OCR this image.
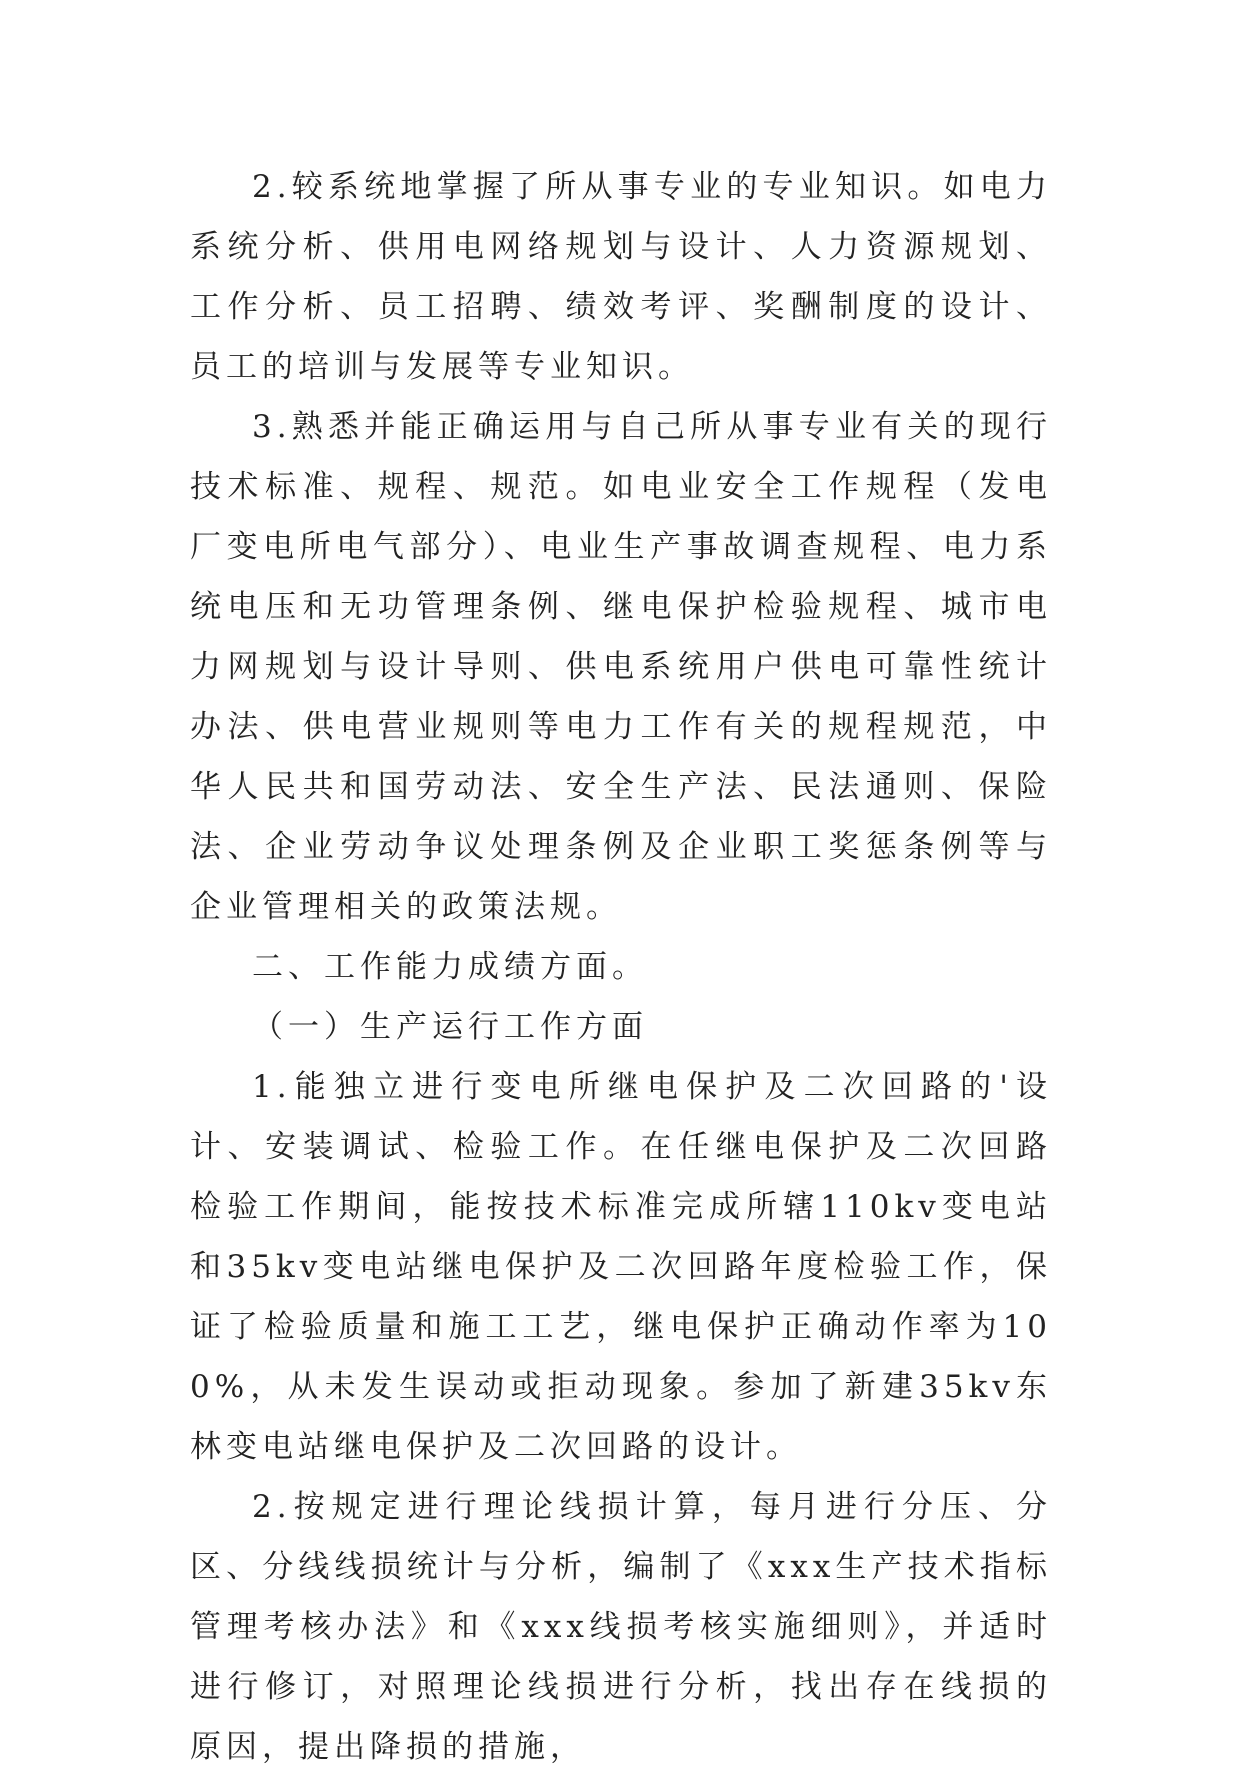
2.较系统地掌握了所从事专业的专业知识。如电力系统分析、供用电网络规划与设计、人力资源规划、工作分析、员工招聘、绩效考评、奖酬制度的设计、员工的培训与发展等专业知识。

3.熟悉并能正确运用与自己所从事专业有关的现行技术标准、规程、规范。如电业安全工作规程（发电厂变电所电气部分）、电业生产事故调查规程、电力系统电压和无功管理条例、继电保护检验规程、城市电力网规划与设计导则、供电系统用户供电可靠性统计办法、供电营业规则等电力工作有关的规程规范，中华人民共和国劳动法、安全生产法、民法通则、保险法、企业劳动争议处理条例及企业职工奖惩条例等与企业管理相关的政策法规。

二、工作能力成绩方面。

（一）生产运行工作方面

1.能独立进行变电所继电保护及二次回路的'设计、安装调试、检验工作。在任继电保护及二次回路检验工作期间，能按技术标准完成所辖110kv变电站和35kv变电站继电保护及二次回路年度检验工作，保证了检验质量和施工工艺，继电保护正确动作率为100%，从未发生误动或拒动现象。参加了新建35kv东林变电站继电保护及二次回路的设计。

2.按规定进行理论线损计算，每月进行分压、分区、分线线损统计与分析，编制了《xxx生产技术指标管理考核办法》和《xxx线损考核实施细则》，并适时进行修订，对照理论线损进行分析，找出存在线损的原因，提出降损的措施，
